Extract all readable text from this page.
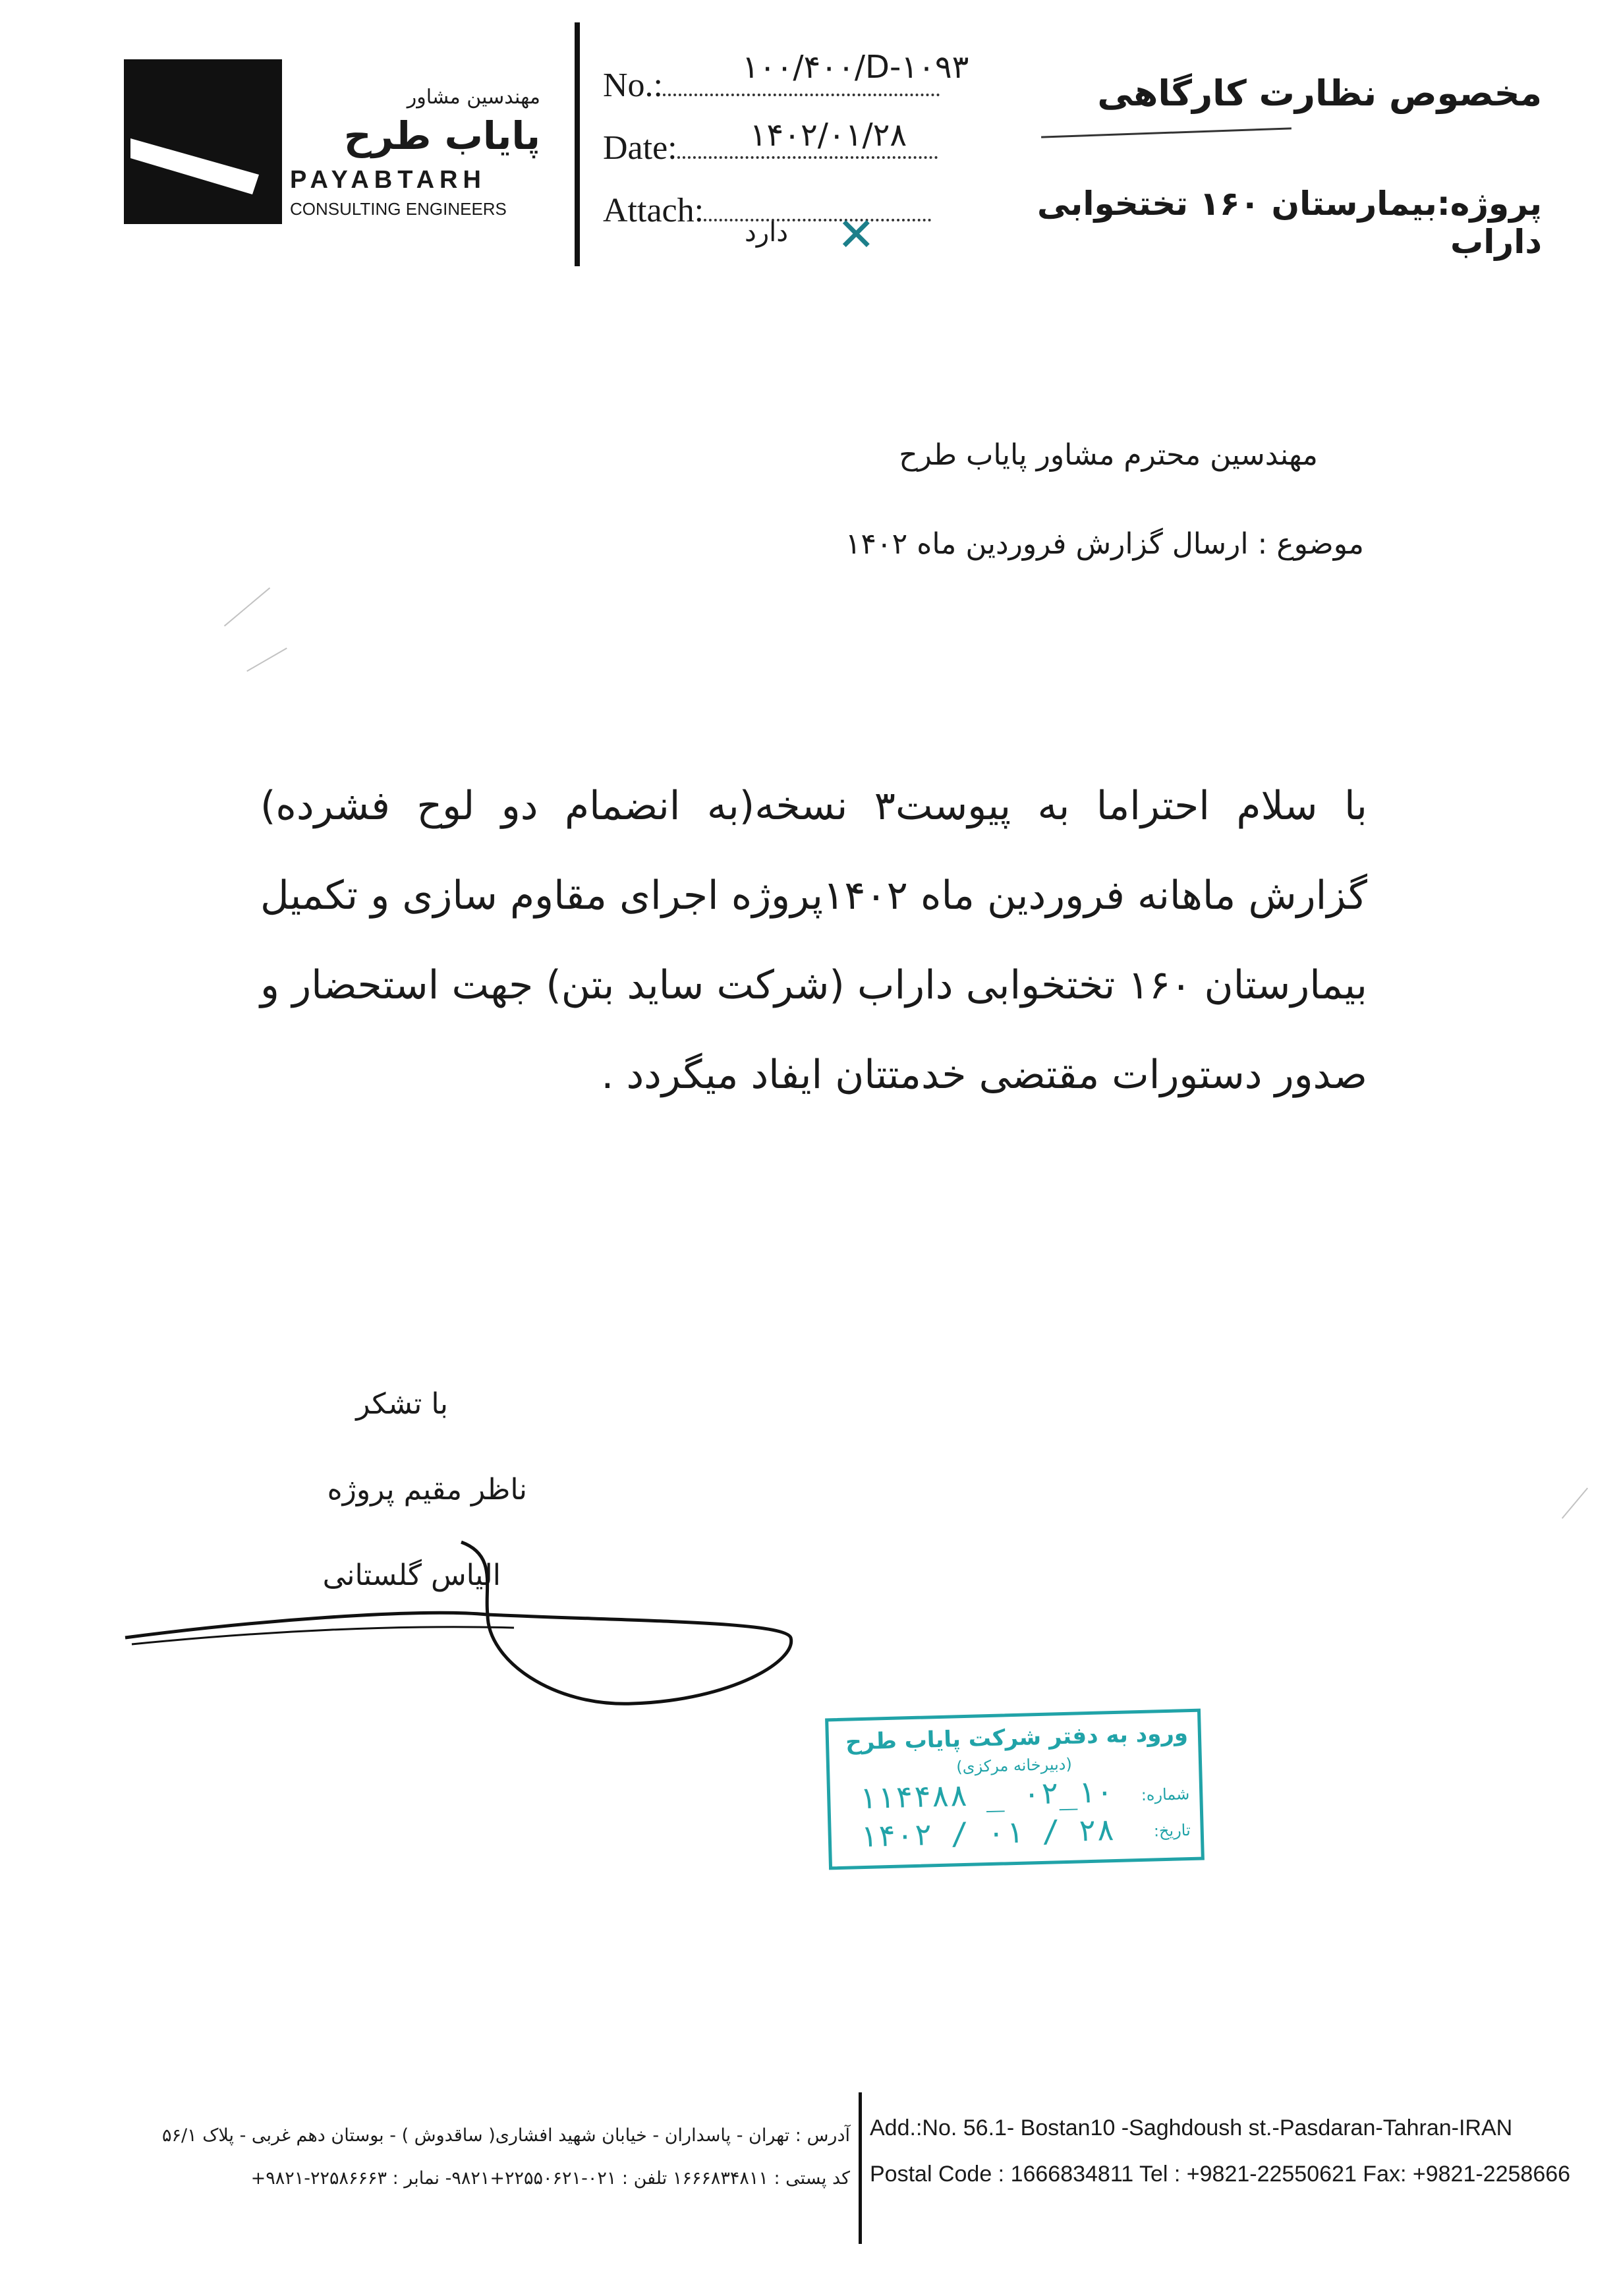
مهندسین مشاور
پایاب طرح
PAYABTARH
CONSULTING ENGINEERS
No.:	۱۰۰/۴۰۰/D-۱۰۹۳
Date: ۱۴۰۲/۰۱/۲۸
Attach:
دارد ✕
مخصوص نظارت کارگاهی
پروژه:بیمارستان ۱۶۰ تختخوابی داراب
مهندسین محترم مشاور پایاب طرح
موضوع : ارسال گزارش فروردین ماه ۱۴۰۲
با سلام احتراما به پیوست۳ نسخه(به انضمام دو لوح فشرده) گزارش ماهانه فروردین ماه ۱۴۰۲پروژه اجرای مقاوم سازی و تکمیل بیمارستان ۱۶۰ تختخوابی داراب (شرکت ساید بتن) جهت استحضار و صدور دستورات مقتضی خدمتتان ایفاد میگردد .
با تشکر
ناظر مقیم پروژه
الیاس گلستانی
ورود به دفتر شرکت پایاب طرح
(دبیرخانه مرکزی)
شماره:
۱۱۴۴۸۸ _ ۰۲_۱۰
تاریخ:
۱۴۰۲ / ۰۱ / ۲۸
آدرس : تهران - پاسداران - خیابان شهید افشاری( ساقدوش ) - بوستان دهم غربی - پلاک ۵۶/۱
کد پستی : ۱۶۶۶۸۳۴۸۱۱ تلفن : ۰۲۱-۲۲۵۵۰۶۲۱+۹۸۲۱- نمابر : ۲۲۵۸۶۶۶۳-۹۸۲۱+
Add.:No. 56.1- Bostan10 -Saghdoush st.-Pasdaran-Tahran-IRAN
Postal Code : 1666834811 Tel : +9821-22550621 Fax: +9821-2258666
